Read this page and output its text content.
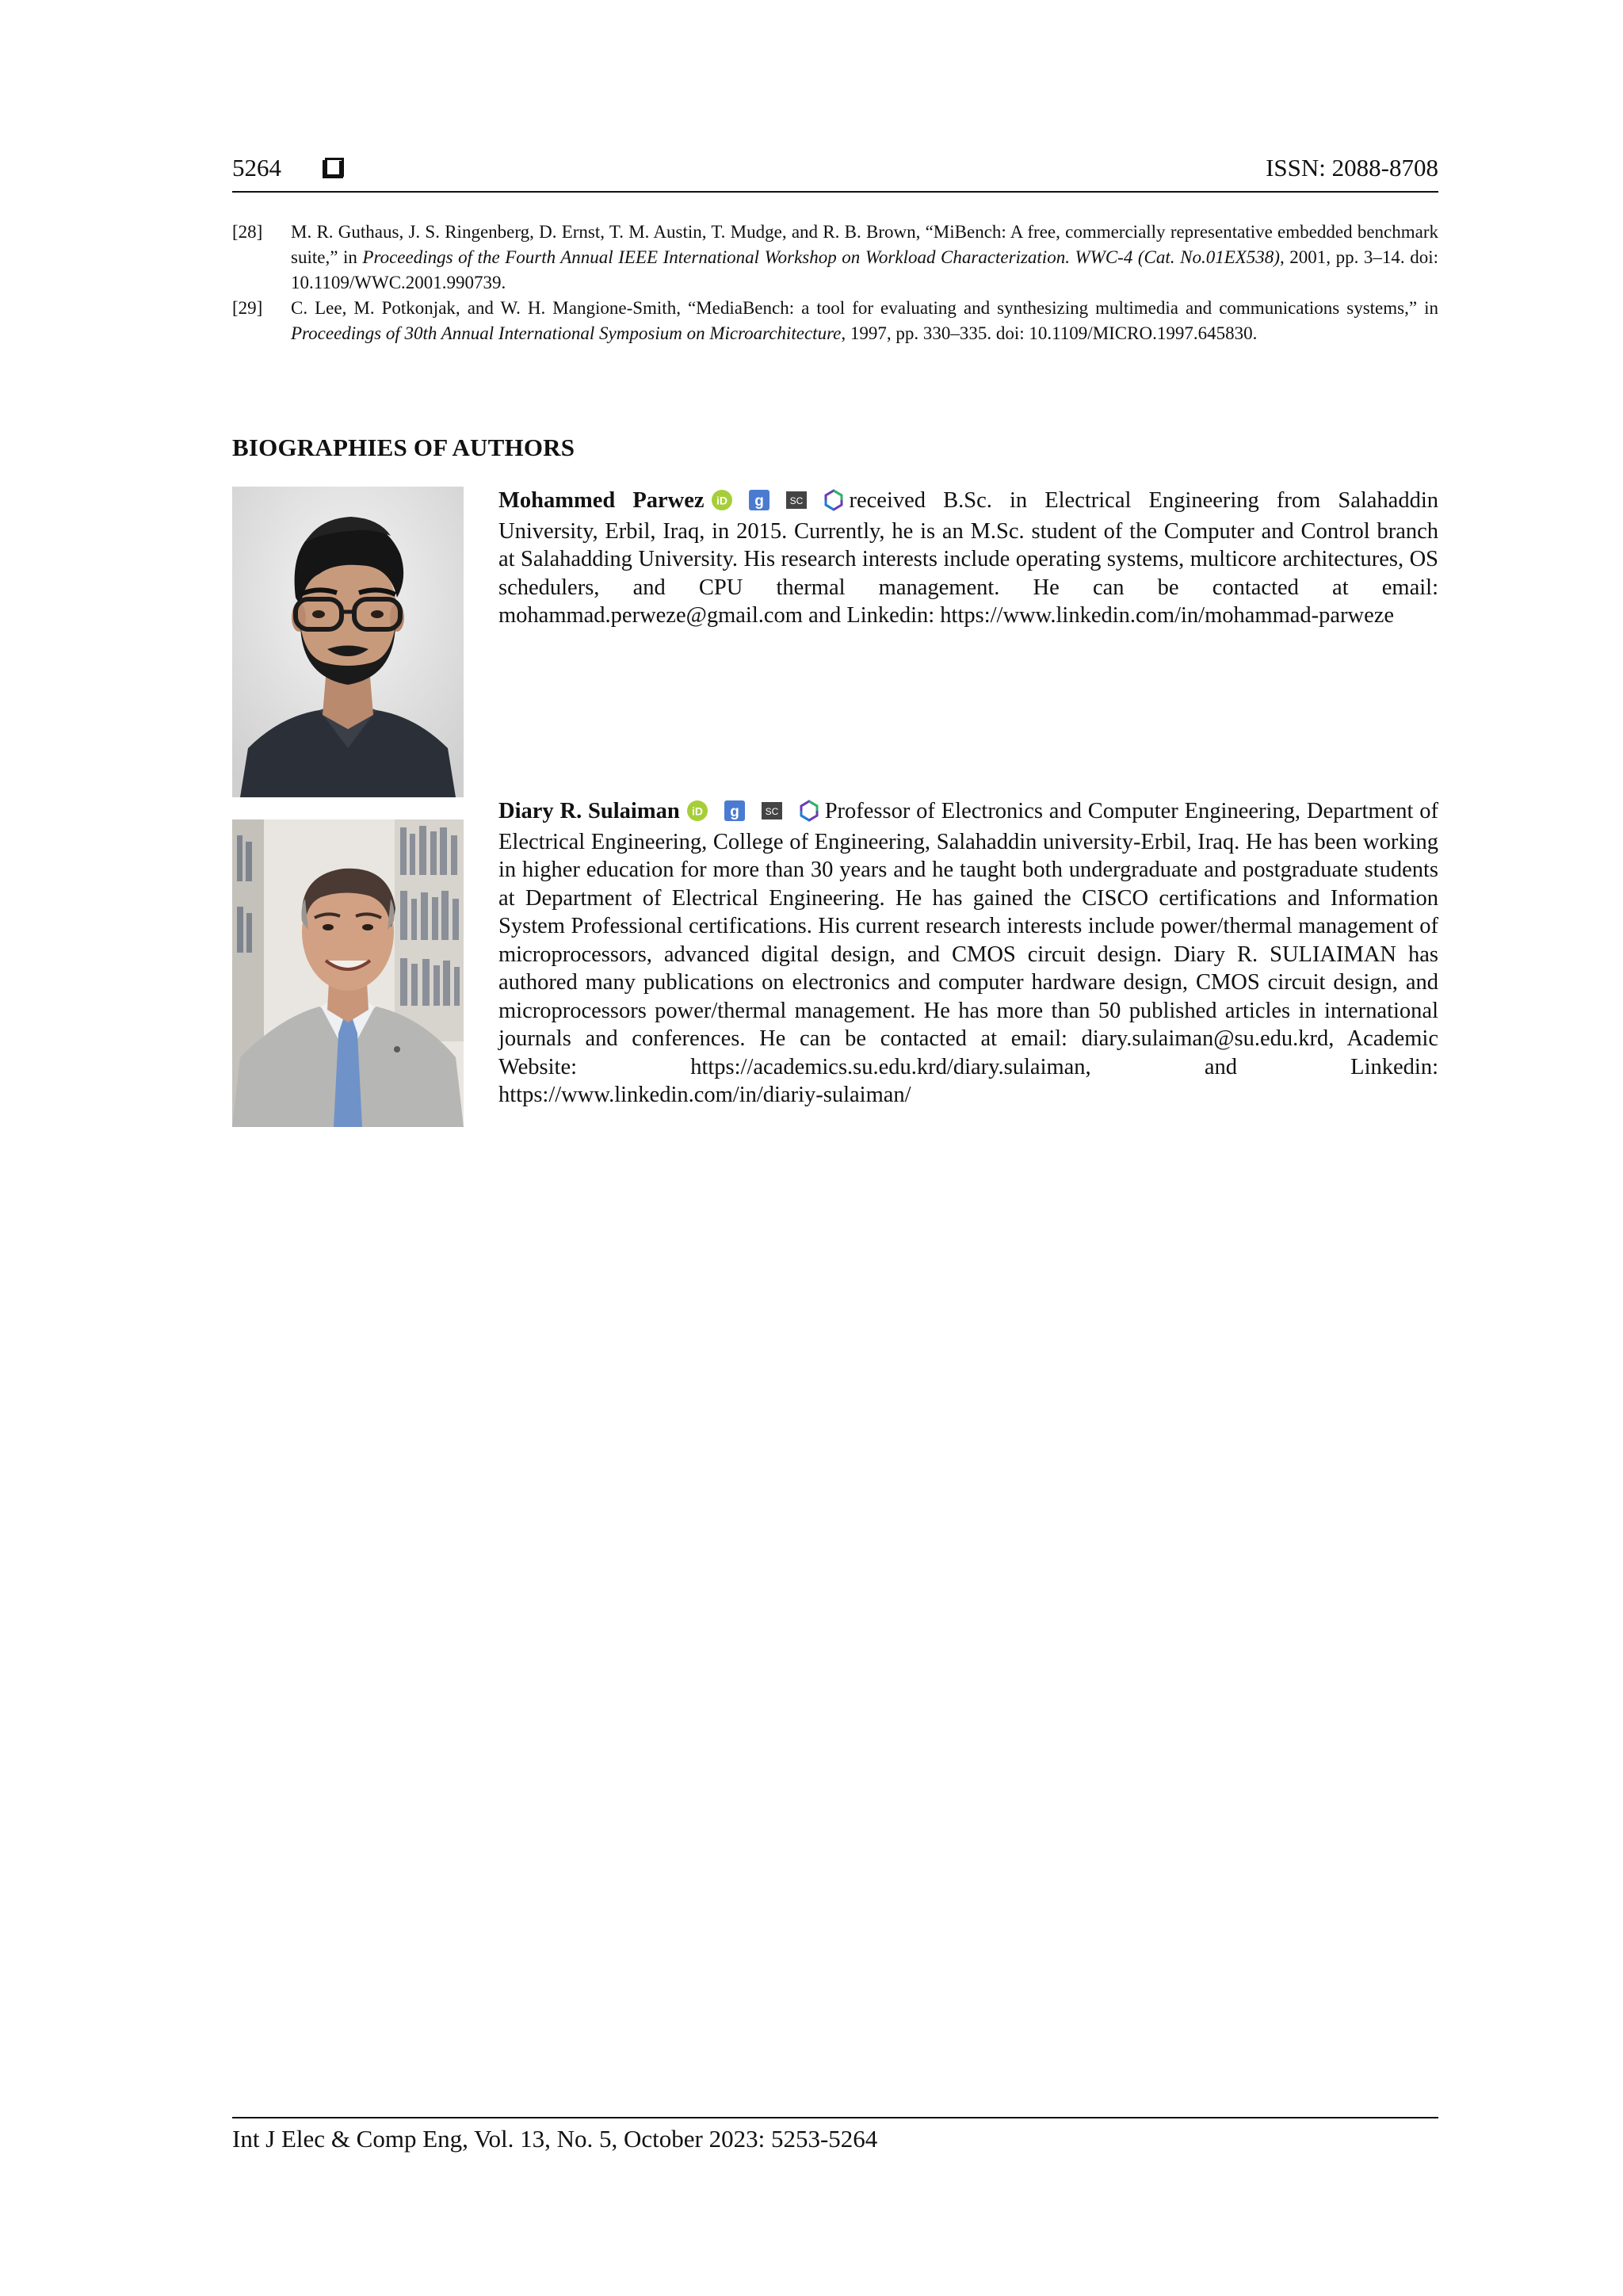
5264	ISSN: 2088-8708
[28] M. R. Guthaus, J. S. Ringenberg, D. Ernst, T. M. Austin, T. Mudge, and R. B. Brown, “MiBench: A free, commercially representative embedded benchmark suite,” in Proceedings of the Fourth Annual IEEE International Workshop on Workload Characterization. WWC-4 (Cat. No.01EX538), 2001, pp. 3–14. doi: 10.1109/WWC.2001.990739.
[29] C. Lee, M. Potkonjak, and W. H. Mangione-Smith, “MediaBench: a tool for evaluating and synthesizing multimedia and communications systems,” in Proceedings of 30th Annual International Symposium on Microarchitecture, 1997, pp. 330–335. doi: 10.1109/MICRO.1997.645830.
BIOGRAPHIES OF AUTHORS
Mohammed Parwez iD g	SC received B.Sc. in Electrical Engineering from Salahaddin University, Erbil, Iraq, in 2015. Currently, he is an M.Sc. student of the Computer and Control branch at Salahadding University. His research interests include operating systems, multicore architectures, OS schedulers, and CPU thermal management. He can be contacted at email: mohammad.perweze@gmail.com and Linkedin: https://www.linkedin.com/in/mohammad-parweze
Diary R. Sulaiman iD g	SC Professor of Electronics and Computer Engineering, Department of Electrical Engineering, College of Engineering, Salahaddin university-Erbil, Iraq. He has been working in higher education for more than 30 years and he taught both undergraduate and postgraduate students at Department of Electrical Engineering. He has gained the CISCO certifications and Information System Professional certifications. His current research interests include power/thermal management of microprocessors, advanced digital design, and CMOS circuit design. Diary R. SULIAIMAN has authored many publications on electronics and computer hardware design, CMOS circuit design, and microprocessors power/thermal management. He has more than 50 published articles in international journals and conferences. He can be contacted at email: diary.sulaiman@su.edu.krd, Academic Website: https://academics.su.edu.krd/diary.sulaiman, and Linkedin: https://www.linkedin.com/in/diariy-sulaiman/
Int J Elec & Comp Eng, Vol. 13, No. 5, October 2023: 5253-5264
